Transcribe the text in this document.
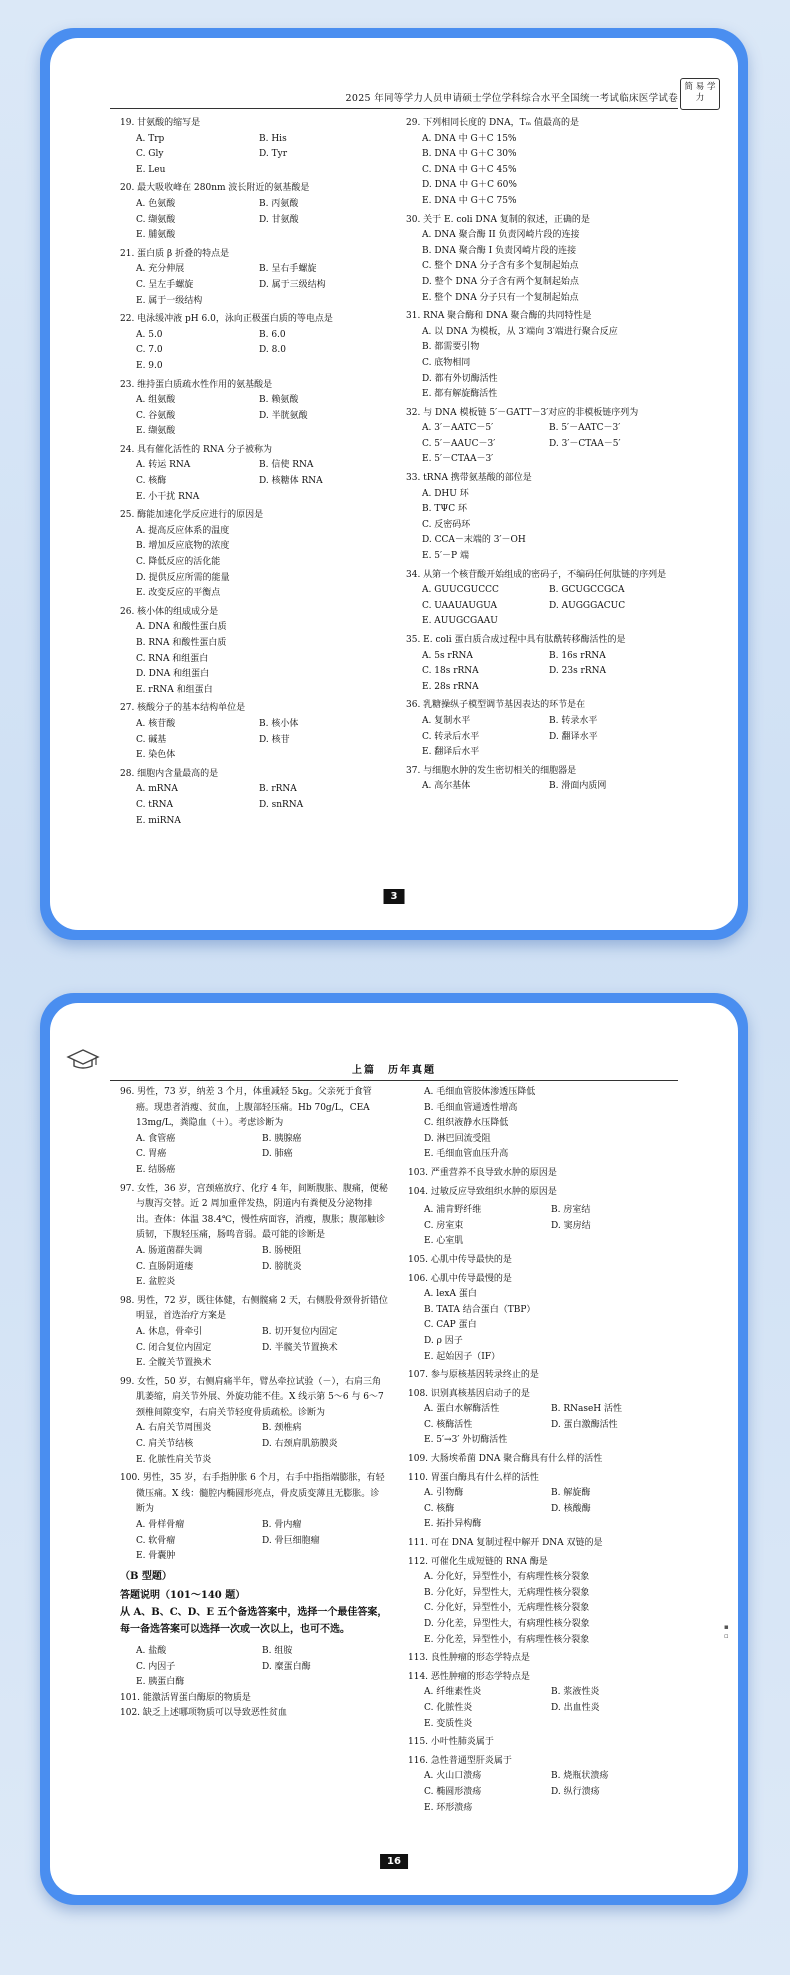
2025 年同等学力人员申请硕士学位学科综合水平全国统一考试临床医学试卷
简 易 学 力
19. 甘氨酸的缩写是
A. Trp	B. His
C. Gly	D. Tyr
E. Leu
20. 最大吸收峰在 280nm 波长附近的氨基酸是
A. 色氨酸	B. 丙氨酸
C. 缬氨酸	D. 甘氨酸
E. 脯氨酸
21. 蛋白质 β 折叠的特点是
A. 充分伸展	B. 呈右手螺旋
C. 呈左手螺旋	D. 属于三级结构
E. 属于一级结构
22. 电泳缓冲液 pH 6.0，泳向正极蛋白质的等电点是
A. 5.0	B. 6.0
C. 7.0	D. 8.0
E. 9.0
23. 维持蛋白质疏水性作用的氨基酸是
A. 组氨酸	B. 赖氨酸
C. 谷氨酸	D. 半胱氨酸
E. 缬氨酸
24. 具有催化活性的 RNA 分子被称为
A. 转运 RNA	B. 信使 RNA
C. 核酶	D. 核糖体 RNA
E. 小干扰 RNA
25. 酶能加速化学反应进行的原因是
A. 提高反应体系的温度
B. 增加反应底物的浓度
C. 降低反应的活化能
D. 提供反应所需的能量
E. 改变反应的平衡点
26. 核小体的组成成分是
A. DNA 和酸性蛋白质
B. RNA 和酸性蛋白质
C. RNA 和组蛋白
D. DNA 和组蛋白
E. rRNA 和组蛋白
27. 核酸分子的基本结构单位是
A. 核苷酸	B. 核小体
C. 碱基	D. 核苷
E. 染色体
28. 细胞内含量最高的是
A. mRNA	B. rRNA
C. tRNA	D. snRNA
E. miRNA
29. 下列相同长度的 DNA，Tₘ 值最高的是
A. DNA 中 G＋C 15%
B. DNA 中 G＋C 30%
C. DNA 中 G＋C 45%
D. DNA 中 G＋C 60%
E. DNA 中 G＋C 75%
30. 关于 E. coli DNA 复制的叙述，正确的是
A. DNA 聚合酶 II 负责冈崎片段的连接
B. DNA 聚合酶 I 负责冈崎片段的连接
C. 整个 DNA 分子含有多个复制起始点
D. 整个 DNA 分子含有两个复制起始点
E. 整个 DNA 分子只有一个复制起始点
31. RNA 聚合酶和 DNA 聚合酶的共同特性是
A. 以 DNA 为模板，从 3′端向 3′端进行聚合反应
B. 都需要引物
C. 底物相同
D. 都有外切酶活性
E. 都有解旋酶活性
32. 与 DNA 模板链 5′－GATT－3′对应的非模板链序列为
A. 3′－AATC－5′	B. 5′－AATC－3′
C. 5′－AAUC－3′	D. 3′－CTAA－5′
E. 5′－CTAA－3′
33. tRNA 携带氨基酸的部位是
A. DHU 环
B. TΨC 环
C. 反密码环
D. CCA－末端的 3′－OH
E. 5′－P 端
34. 从第一个核苷酸开始组成的密码子，不编码任何肽链的序列是
A. GUUCGUCCC	B. GCUGCCGCA
C. UAAUAUGUA	D. AUGGGACUC
E. AUUGCGAAU
35. E. coli 蛋白质合成过程中具有肽酰转移酶活性的是
A. 5s rRNA	B. 16s rRNA
C. 18s rRNA	D. 23s rRNA
E. 28s rRNA
36. 乳糖操纵子模型调节基因表达的环节是在
A. 复制水平	B. 转录水平
C. 转录后水平	D. 翻译水平
E. 翻译后水平
37. 与细胞水肿的发生密切相关的细胞器是
A. 高尔基体	B. 滑面内质网
3
上篇　历年真题
96. 男性，73 岁，纳差 3 个月，体重减轻 5kg。父亲死于食管癌。现患者消瘦、贫血，上腹部轻压痛。Hb 70g/L，CEA 13mg/L，粪隐血（＋）。考虑诊断为
A. 食管癌	B. 胰腺癌
C. 胃癌	D. 肺癌
E. 结肠癌
97. 女性，36 岁，宫颈癌放疗、化疗 4 年，间断腹胀、腹痛，便秘与腹泻交替。近 2 周加重伴发热，阴道内有粪便及分泌物排出。查体：体温 38.4℃，慢性病面容，消瘦，腹胀；腹部触诊质韧，下腹轻压痛，肠鸣音弱。最可能的诊断是
A. 肠道菌群失调	B. 肠梗阻
C. 直肠阴道瘘	D. 膀胱炎
E. 盆腔炎
98. 男性，72 岁，既往体健，右侧髋痛 2 天，右侧股骨颈骨折错位明显，首选治疗方案是
A. 休息，骨牵引	B. 切开复位内固定
C. 闭合复位内固定	D. 半髋关节置换术
E. 全髋关节置换术
99. 女性，50 岁，右侧肩痛半年，臂丛牵拉试验（－），右肩三角肌萎缩，肩关节外展、外旋功能不佳。X 线示第 5～6 与 6～7 颈椎间隙变窄，右肩关节轻度骨质疏松。诊断为
A. 右肩关节周围炎	B. 颈椎病
C. 肩关节结核	D. 右颈肩肌筋膜炎
E. 化脓性肩关节炎
100. 男性，35 岁，右手指肿胀 6 个月，右手中指指端膨胀，有轻微压痛。X 线：髓腔内椭圆形亮点，骨皮质变薄且无膨胀。诊断为
A. 骨样骨瘤	B. 骨内瘤
C. 软骨瘤	D. 骨巨细胞瘤
E. 骨囊肿
（B 型题）
答题说明（101～140 题）
从 A、B、C、D、E 五个备选答案中，选择一个最佳答案，每一备选答案可以选择一次或一次以上，也可不选。
A. 盐酸	B. 组胺
C. 内因子	D. 糜蛋白酶
E. 胰蛋白酶
101. 能激活胃蛋白酶原的物质是
102. 缺乏上述哪项物质可以导致恶性贫血
A. 毛细血管胶体渗透压降低
B. 毛细血管通透性增高
C. 组织液静水压降低
D. 淋巴回流受阻
E. 毛细血管血压升高
103. 严重营养不良导致水肿的原因是
104. 过敏反应导致组织水肿的原因是
A. 浦肯野纤维	B. 房室结
C. 房室束	D. 窦房结
E. 心室肌
105. 心肌中传导最快的是
106. 心肌中传导最慢的是
A. lexA 蛋白
B. TATA 结合蛋白（TBP）
C. CAP 蛋白
D. ρ 因子
E. 起始因子（IF）
107. 参与原核基因转录终止的是
108. 识别真核基因启动子的是
A. 蛋白水解酶活性	B. RNaseH 活性
C. 核酶活性	D. 蛋白激酶活性
E. 5′→3′ 外切酶活性
109. 大肠埃希菌 DNA 聚合酶具有什么样的活性
110. 胃蛋白酶具有什么样的活性
A. 引物酶	B. 解旋酶
C. 核酶	D. 核酸酶
E. 拓扑异构酶
111. 可在 DNA 复制过程中解开 DNA 双链的是
112. 可催化生成短链的 RNA 酶是
A. 分化好，异型性小，有病理性核分裂象
B. 分化好，异型性大，无病理性核分裂象
C. 分化好，异型性小，无病理性核分裂象
D. 分化差，异型性大，有病理性核分裂象
E. 分化差，异型性小，有病理性核分裂象
113. 良性肿瘤的形态学特点是
114. 恶性肿瘤的形态学特点是
A. 纤维素性炎	B. 浆液性炎
C. 化脓性炎	D. 出血性炎
E. 变质性炎
115. 小叶性肺炎属于
116. 急性普通型肝炎属于
A. 火山口溃疡	B. 烧瓶状溃疡
C. 椭圆形溃疡	D. 纵行溃疡
E. 环形溃疡
▪
▫
16
